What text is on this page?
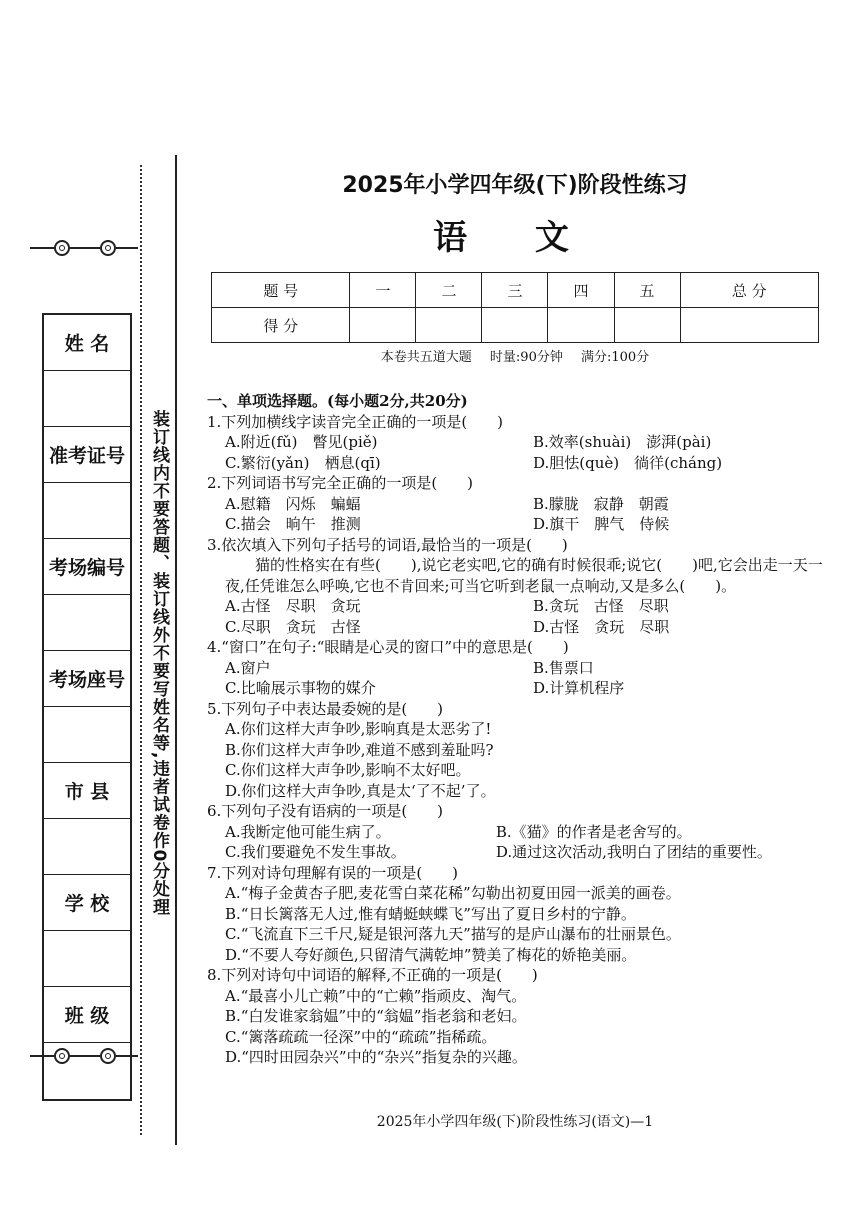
装订线内不要答题、装订线外不要写姓名等,违者试卷作0分处理
姓 名
准考证号
考场编号
考场座号
市 县
学 校
班 级
2025年小学四年级(下)阶段性练习
语 文
题 号	一	二	三	四	五	总 分
得 分						
本卷共五道大题 时量:90分钟 满分:100分
一、单项选择题。(每小题2分,共20分)
1.下列加横线字读音完全正确的一项是(　　)
A.附近(fǔ)　瞥见(piě)	B.效率(shuài)　澎湃(pài)
C.繁衍(yǎn)　栖息(qī)	D.胆怯(què)　徜徉(cháng)
2.下列词语书写完全正确的一项是(　　)
A.慰籍　闪烁　蝙蝠	B.朦胧　寂静　朝霞
C.描会　晌午　推测	D.旗干　脾气　侍候
3.依次填入下列句子括号的词语,最恰当的一项是(　　)
猫的性格实在有些(　　),说它老实吧,它的确有时候很乖;说它(　　)吧,它会出走一天一夜,任凭谁怎么呼唤,它也不肯回来;可当它听到老鼠一点响动,又是多么(　　)。
A.古怪　尽职　贪玩	B.贪玩　古怪　尽职
C.尽职　贪玩　古怪	D.古怪　贪玩　尽职
4.“窗口”在句子:“眼睛是心灵的窗口”中的意思是(　　)
A.窗户	B.售票口
C.比喻展示事物的媒介	D.计算机程序
5.下列句子中表达最委婉的是(　　)
A.你们这样大声争吵,影响真是太恶劣了!
B.你们这样大声争吵,难道不感到羞耻吗?
C.你们这样大声争吵,影响不太好吧。
D.你们这样大声争吵,真是太‘了不起’了。
6.下列句子没有语病的一项是(　　)
A.我断定他可能生病了。	B.《猫》的作者是老舍写的。
C.我们要避免不发生事故。	D.通过这次活动,我明白了团结的重要性。
7.下列对诗句理解有误的一项是(　　)
A.“梅子金黄杏子肥,麦花雪白菜花稀”勾勒出初夏田园一派美的画卷。
B.“日长篱落无人过,惟有蜻蜓蛱蝶飞”写出了夏日乡村的宁静。
C.“飞流直下三千尺,疑是银河落九天”描写的是庐山瀑布的壮丽景色。
D.“不要人夸好颜色,只留清气满乾坤”赞美了梅花的娇艳美丽。
8.下列对诗句中词语的解释,不正确的一项是(　　)
A.“最喜小儿亡赖”中的“亡赖”指顽皮、淘气。
B.“白发谁家翁媪”中的“翁媪”指老翁和老妇。
C.“篱落疏疏一径深”中的“疏疏”指稀疏。
D.“四时田园杂兴”中的“杂兴”指复杂的兴趣。
2025年小学四年级(下)阶段性练习(语文)—1
